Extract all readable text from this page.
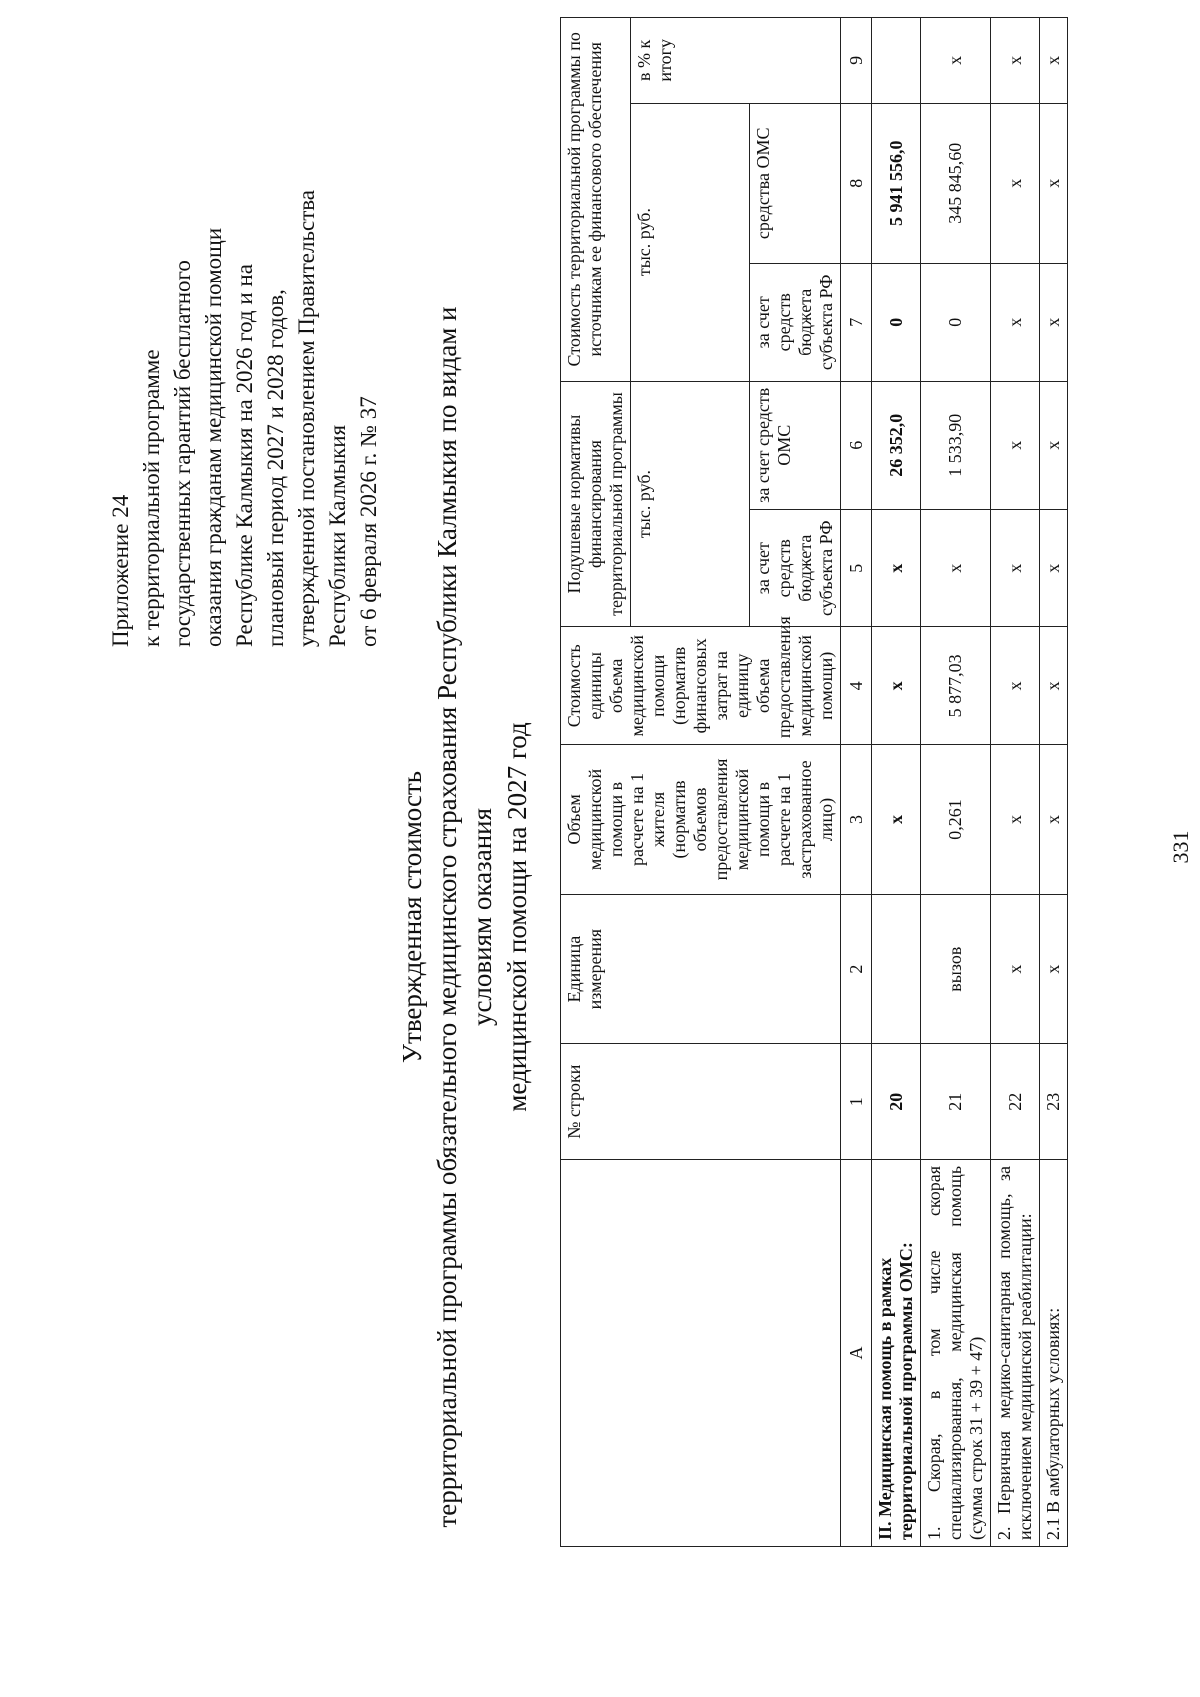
Приложение 24 к территориальной программе государственных гарантий бесплатного оказания гражданам медицинской помощи Республике Калмыкия на 2026 год и на плановый период 2027 и 2028 годов, утвержденной постановлением Правительства Республики Калмыкия от 6 февраля 2026 г. № 37
Утвержденная стоимость территориальной программы обязательного медицинского страхования Республики Калмыкия по видам и условиям оказания медицинской помощи на 2027 год
	№ строки	Единица измерения	Объем медицинской помощи в расчете на 1 жителя (норматив объемов предоставления медицинской помощи в расчете на 1 застрахованное лицо)	Стоимость единицы объема медицинской помощи (норматив финансовых затрат на единицу объема предоставления медицинской помощи)	Подушевые нормативы финансирования территориальной программы		Стоимость территориальной программы по источникам ее финансового обеспечения		
					тыс. руб.		тыс. руб.		в % к итогу
					за счет средств бюджета субъекта РФ	за счет средств ОМС	за счет средств бюджета субъекта РФ	средства ОМС	
А	1	2	3	4	5	6	7	8	9
II. Медицинская помощь в рамках территориальной программы ОМС:	20		х	х	х	26 352,0	0	5 941 556,0	
1. Скорая, в том числе скорая специализированная, медицинская помощь (сумма строк 31 + 39 + 47)	21	вызов	0,261	5 877,03	х	1 533,90	0	345 845,60	х
2. Первичная медико-санитарная помощь, за исключением медицинской реабилитации:	22	х	х	х	х	х	х	х	х
2.1 В амбулаторных условиях:	23	х	х	х	х	х	х	х	х
331
